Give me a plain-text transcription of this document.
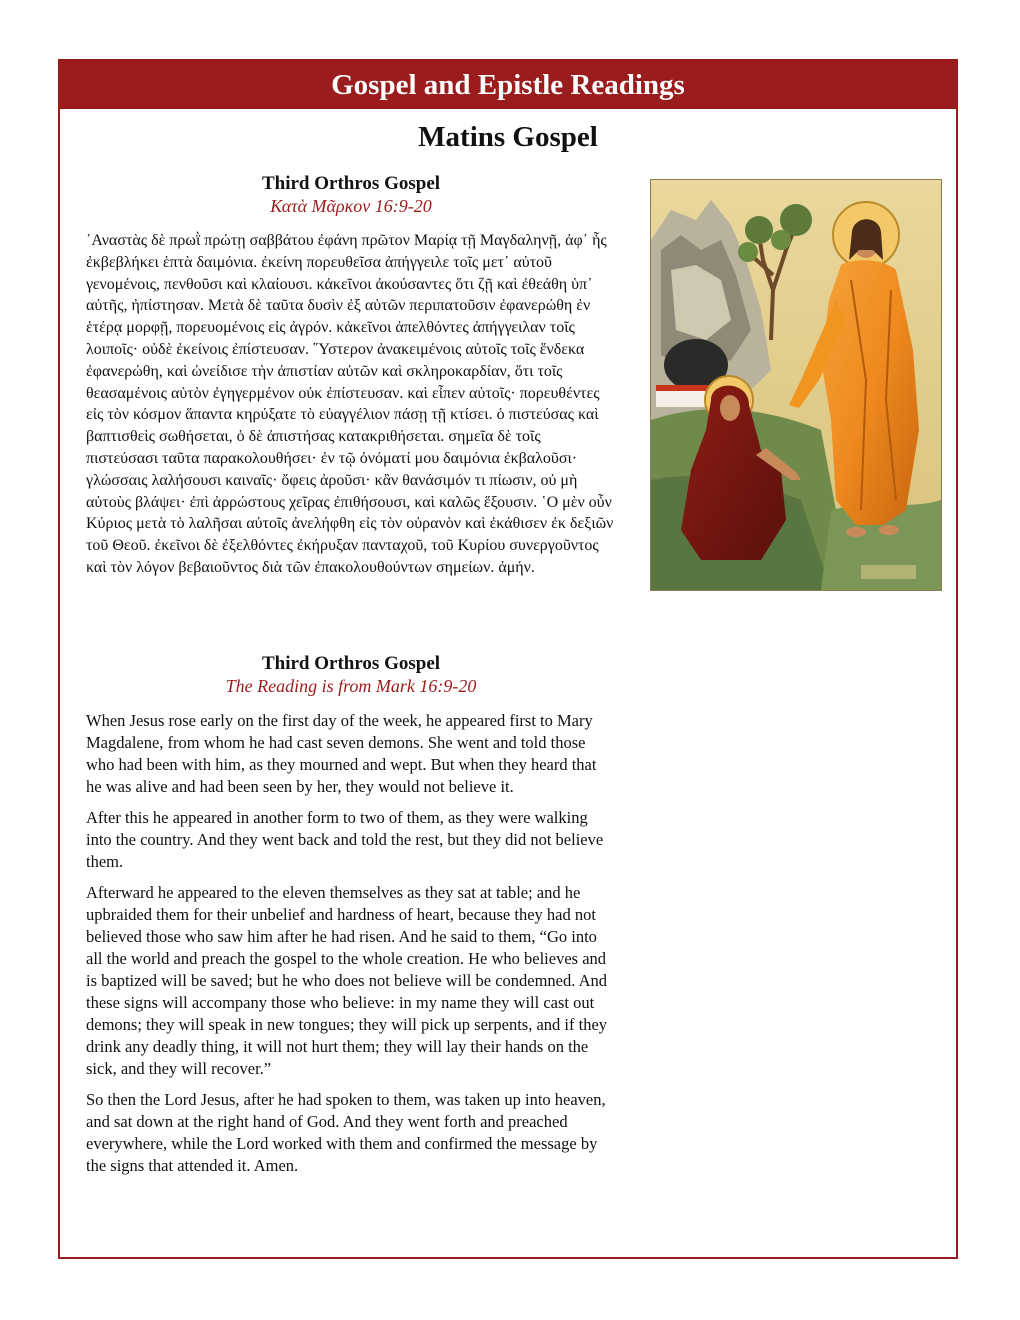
Gospel and Epistle Readings
Matins Gospel
Third Orthros Gospel
Κατὰ Μᾶρκον 16:9-20
᾿Αναστὰς δὲ πρωῒ πρώτῃ σαββάτου ἐφάνη πρῶτον Μαρίᾳ τῇ Μαγδαληνῇ, ἀφ᾿ ἧς ἐκβεβλήκει ἑπτὰ δαιμόνια. ἐκείνη πορευθεῖσα ἀπήγγειλε τοῖς μετ᾿ αὐτοῦ γενομένοις, πενθοῦσι καὶ κλαίουσι. κἀκεῖνοι ἀκούσαντες ὅτι ζῇ καὶ ἐθεάθη ὑπ᾿ αὐτῆς, ἠπίστησαν. Μετὰ δὲ ταῦτα δυσὶν ἐξ αὐτῶν περιπατοῦσιν ἐφανερώθη ἐν ἑτέρᾳ μορφῇ, πορευομένοις εἰς ἀγρόν. κἀκεῖνοι ἀπελθόντες ἀπήγγειλαν τοῖς λοιποῖς· οὐδὲ ἐκείνοις ἐπίστευσαν. ῞Υστερον ἀνακειμένοις αὐτοῖς τοῖς ἕνδεκα ἐφανερώθη, καὶ ὠνείδισε τὴν ἀπιστίαν αὐτῶν καὶ σκληροκαρδίαν, ὅτι τοῖς θεασαμένοις αὐτὸν ἐγηγερμένον οὐκ ἐπίστευσαν. καὶ εἶπεν αὐτοῖς· πορευθέντες εἰς τὸν κόσμον ἅπαντα κηρύξατε τὸ εὐαγγέλιον πάσῃ τῇ κτίσει. ὁ πιστεύσας καὶ βαπτισθεὶς σωθήσεται, ὁ δὲ ἀπιστήσας κατακριθήσεται. σημεῖα δὲ τοῖς πιστεύσασι ταῦτα παρακολουθήσει· ἐν τῷ ὀνόματί μου δαιμόνια ἐκβαλοῦσι· γλώσσαις λαλήσουσι καιναῖς· ὄφεις ἀροῦσι· κἂν θανάσιμόν τι πίωσιν, οὐ μὴ αὐτοὺς βλάψει· ἐπὶ ἀρρώστους χεῖρας ἐπιθήσουσι, καὶ καλῶς ἕξουσιν. ῾Ο μὲν οὖν Κύριος μετὰ τὸ λαλῆσαι αὐτοῖς ἀνελήφθη εἰς τὸν οὐρανὸν καὶ ἐκάθισεν ἐκ δεξιῶν τοῦ Θεοῦ. ἐκεῖνοι δὲ ἐξελθόντες ἐκήρυξαν πανταχοῦ, τοῦ Κυρίου συνεργοῦντος καὶ τὸν λόγον βεβαιοῦντος διὰ τῶν ἐπακολουθούντων σημείων. ἀμήν.
Third Orthros Gospel
The Reading is from Mark 16:9-20

When Jesus rose early on the first day of the week, he appeared first to Mary Magdalene, from whom he had cast seven demons. She went and told those who had been with him, as they mourned and wept. But when they heard that he was alive and had been seen by her, they would not believe it.

After this he appeared in another form to two of them, as they were walking into the country. And they went back and told the rest, but they did not believe them.

Afterward he appeared to the eleven themselves as they sat at table; and he upbraided them for their unbelief and hardness of heart, because they had not believed those who saw him after he had risen. And he said to them, “Go into all the world and preach the gospel to the whole creation. He who believes and is baptized will be saved; but he who does not believe will be condemned. And these signs will accompany those who believe: in my name they will cast out demons; they will speak in new tongues; they will pick up serpents, and if they drink any deadly thing, it will not hurt them; they will lay their hands on the sick, and they will recover.”

So then the Lord Jesus, after he had spoken to them, was taken up into heaven, and sat down at the right hand of God. And they went forth and preached everywhere, while the Lord worked with them and confirmed the message by the signs that attended it. Amen.
